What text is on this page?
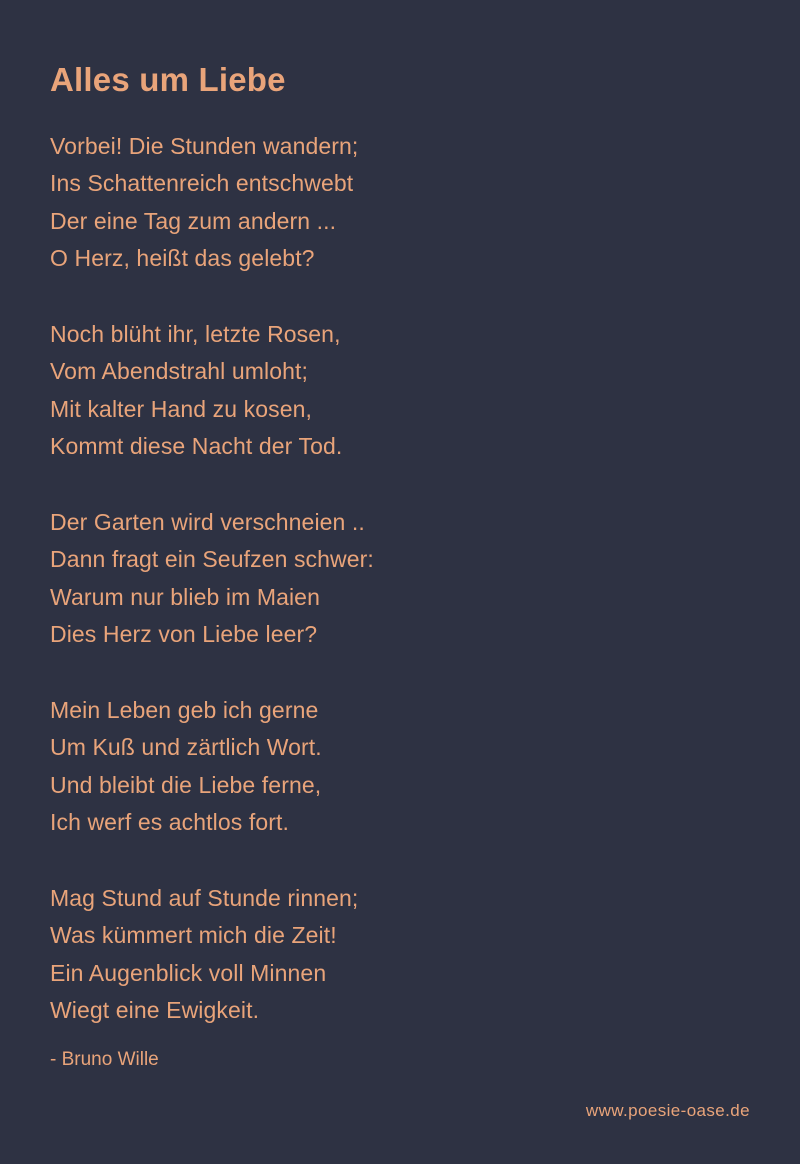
Alles um Liebe
Vorbei! Die Stunden wandern;
Ins Schattenreich entschwebt
Der eine Tag zum andern ...
O Herz, heißt das gelebt?
Noch blüht ihr, letzte Rosen,
Vom Abendstrahl umloht;
Mit kalter Hand zu kosen,
Kommt diese Nacht der Tod.
Der Garten wird verschneien ..
Dann fragt ein Seufzen schwer:
Warum nur blieb im Maien
Dies Herz von Liebe leer?
Mein Leben geb ich gerne
Um Kuß und zärtlich Wort.
Und bleibt die Liebe ferne,
Ich werf es achtlos fort.
Mag Stund auf Stunde rinnen;
Was kümmert mich die Zeit!
Ein Augenblick voll Minnen
Wiegt eine Ewigkeit.
- Bruno Wille
www.poesie-oase.de
